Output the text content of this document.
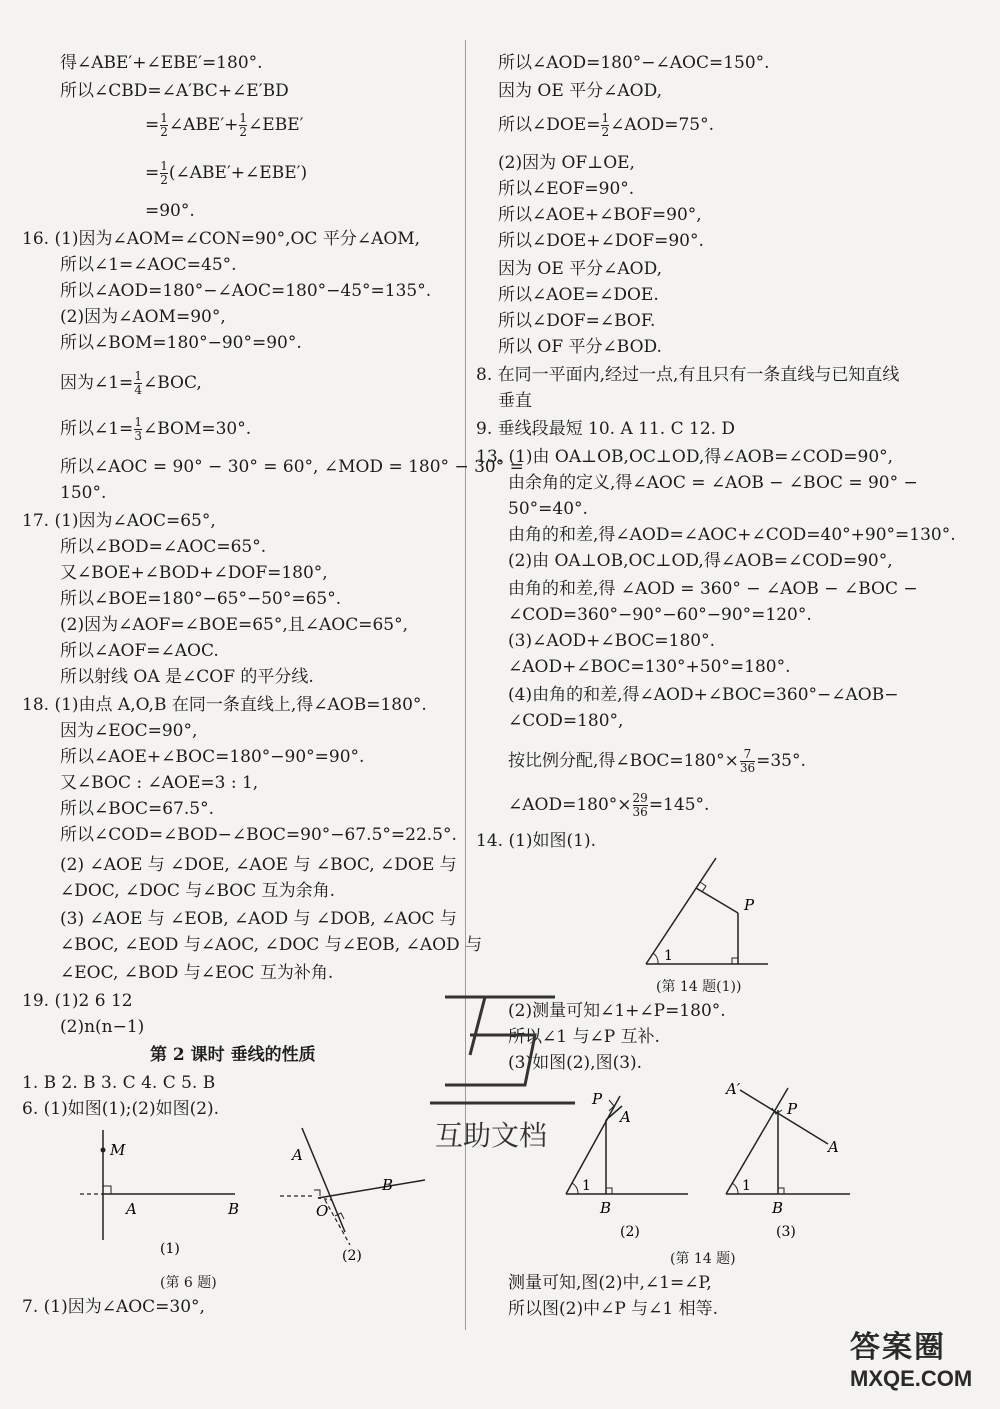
得∠ABE′+∠EBE′=180°.
所以∠CBD=∠A′BC+∠E′BD
= $\frac{1}{2}$ ∠ABE′+ $\frac{1}{2}$ ∠EBE′
= $\frac{1}{2}$ (∠ABE′+∠EBE′)
=90°.
16. (1)因为∠AOM=∠CON=90°,OC 平分∠AOM,
所以∠1=∠AOC=45°.
所以∠AOD=180°−∠AOC=180°−45°=135°.
(2)因为∠AOM=90°,
所以∠BOM=180°−90°=90°.
因为∠1= $\frac{1}{4}$ ∠BOC,
所以∠1= $\frac{1}{3}$ ∠BOM=30°.
所以∠AOC = 90° − 30° = 60°, ∠MOD = 180° − 30° =
150°.
17. (1)因为∠AOC=65°,
所以∠BOD=∠AOC=65°.
又∠BOE+∠BOD+∠DOF=180°,
所以∠BOE=180°−65°−50°=65°.
(2)因为∠AOF=∠BOE=65°,且∠AOC=65°,
所以∠AOF=∠AOC.
所以射线 OA 是∠COF 的平分线.
18. (1)由点 A,O,B 在同一条直线上,得∠AOB=180°.
因为∠EOC=90°,
所以∠AOE+∠BOC=180°−90°=90°.
又∠BOC : ∠AOE=3 : 1,
所以∠BOC=67.5°.
所以∠COD=∠BOD−∠BOC=90°−67.5°=22.5°.
(2) ∠AOE 与 ∠DOE, ∠AOE 与 ∠BOC, ∠DOE 与
∠DOC, ∠DOC 与∠BOC 互为余角.
(3) ∠AOE 与 ∠EOB, ∠AOD 与 ∠DOB, ∠AOC 与
∠BOC, ∠EOD 与∠AOC, ∠DOC 与∠EOB, ∠AOD 与
∠EOC, ∠BOD 与∠EOC 互为补角.
19. (1)2 6 12
(2)n(n−1)
第 2 课时 垂线的性质
1. B 2. B 3. C 4. C 5. B
6. (1)如图(1);(2)如图(2).
M
A	B
(1)
A
O
B
(2)
(第 6 题)
7. (1)因为∠AOC=30°,
所以∠AOD=180°−∠AOC=150°.
因为 OE 平分∠AOD,
所以∠DOE= $\frac{1}{2}$ ∠AOD=75°.
(2)因为 OF⊥OE,
所以∠EOF=90°.
所以∠AOE+∠BOF=90°,
所以∠DOE+∠DOF=90°.
因为 OE 平分∠AOD,
所以∠AOE=∠DOE.
所以∠DOF=∠BOF.
所以 OF 平分∠BOD.
8. 在同一平面内,经过一点,有且只有一条直线与已知直线
垂直
9. 垂线段最短 10. A 11. C 12. D
13. (1)由 OA⊥OB,OC⊥OD,得∠AOB=∠COD=90°,
由余角的定义,得∠AOC = ∠AOB − ∠BOC = 90° −
50°=40°.
由角的和差,得∠AOD=∠AOC+∠COD=40°+90°=130°.
(2)由 OA⊥OB,OC⊥OD,得∠AOB=∠COD=90°,
由角的和差,得 ∠AOD = 360° − ∠AOB − ∠BOC −
∠COD=360°−90°−60°−90°=120°.
(3)∠AOD+∠BOC=180°.
∠AOD+∠BOC=130°+50°=180°.
(4)由角的和差,得∠AOD+∠BOC=360°−∠AOB−
∠COD=180°,
按比例分配,得∠BOC=180°× $\frac{7}{36} =35^\circ$.
∠AOD=180°× $\frac{29}{36} =145^\circ$.
14. (1)如图(1).
1
P
(第 14 题(1))
(2)测量可知∠1+∠P=180°.
所以∠1 与∠P 互补.
(3)如图(2),图(3).
1
P
A
B
(2)
1
A′
P
A
B
(3)
(第 14 题)
测量可知,图(2)中,∠1=∠P,
所以图(2)中∠P 与∠1 相等.
互助文档
答案圈
MXQE.COM
